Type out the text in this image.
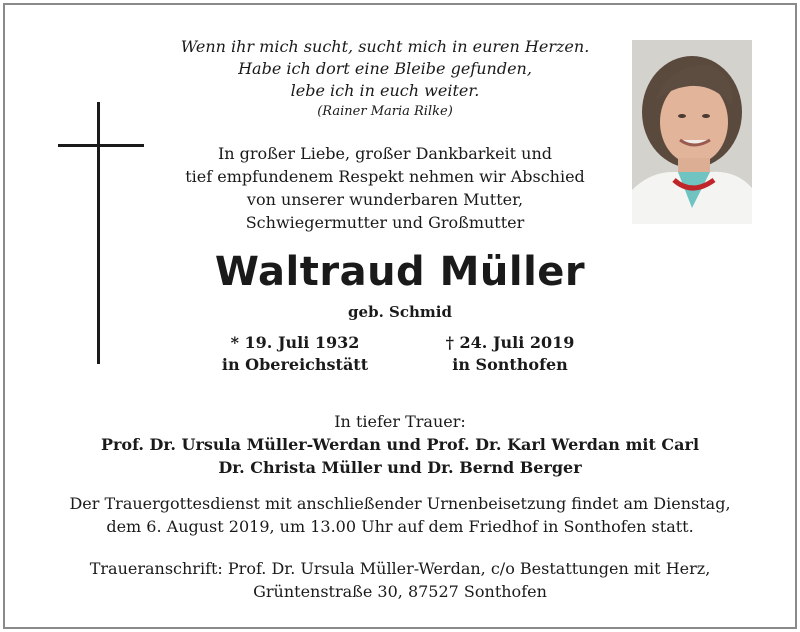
Wenn ihr mich sucht, sucht mich in euren Herzen.
Habe ich dort eine Bleibe gefunden,
lebe ich in euch weiter.
(Rainer Maria Rilke)
In großer Liebe, großer Dankbarkeit und
tief empfundenem Respekt nehmen wir Abschied
von unserer wunderbaren Mutter,
Schwiegermutter und Großmutter
Waltraud Müller
geb. Schmid
* 19. Juli 1932
in Obereichstätt
† 24. Juli 2019
in Sonthofen
In tiefer Trauer:
Prof. Dr. Ursula Müller-Werdan und Prof. Dr. Karl Werdan mit Carl
Dr. Christa Müller und Dr. Bernd Berger
Der Trauergottesdienst mit anschließender Urnenbeisetzung findet am Dienstag,
dem 6. August 2019, um 13.00 Uhr auf dem Friedhof in Sonthofen statt.
Traueranschrift: Prof. Dr. Ursula Müller-Werdan, c/o Bestattungen mit Herz,
Grüntenstraße 30, 87527 Sonthofen
